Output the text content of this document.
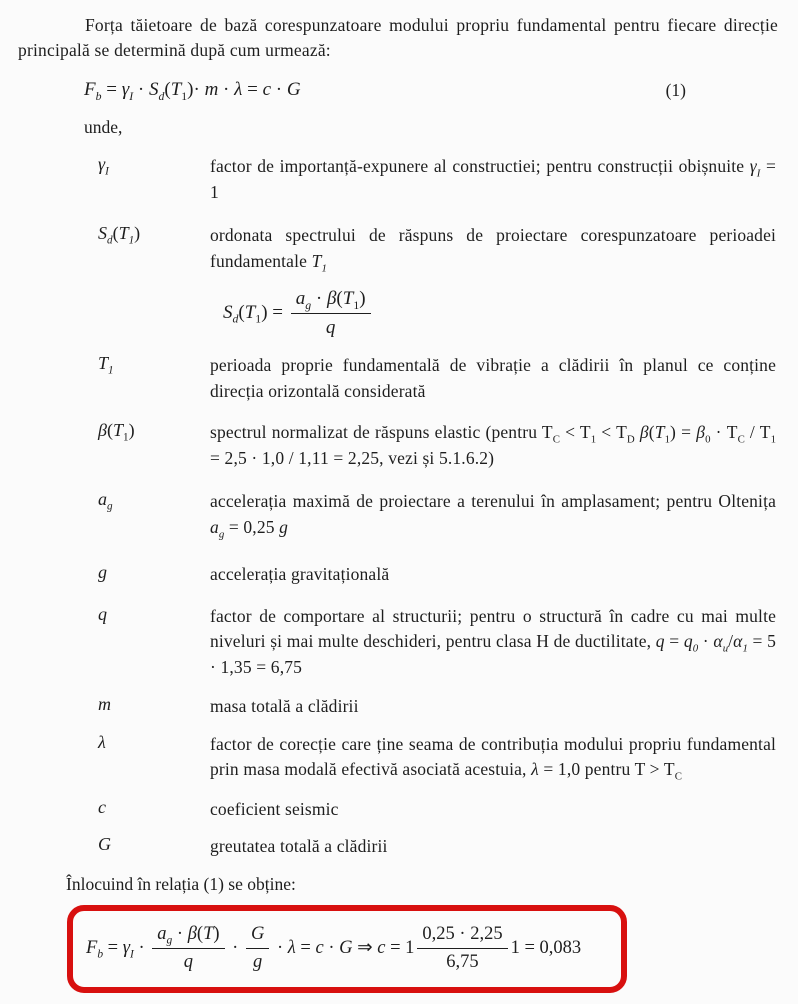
Forța tăietoare de bază corespunzatoare modului propriu fundamental pentru fiecare direcție principală se determină după cum urmează:

$F_b = \gamma_I \cdot S_d(T_1)\cdot m \cdot \lambda = c \cdot G$	(1)

unde,

$\gamma_I$	factor de importanță-expunere al constructiei; pentru construcții obișnuite $\gamma_I = 1$
$S_d(T_1)$	ordonata spectrului de răspuns de proiectare corespunzatoare perioadei fundamentale $T_1$
$S_d(T_1) = \frac{a_g \cdot \beta(T_1)}{q}$
$T_1$	perioada proprie fundamentală de vibrație a clădirii în planul ce conține direcția orizontală considerată
$\beta(T_1)$	spectrul normalizat de răspuns elastic (pentru $T_C < T_1 < T_D$ $\beta(T_1) = \beta_0 \cdot T_C / T_1 = 2,5 \cdot 1,0 / 1,11 = 2,25$, vezi și 5.1.6.2)
$a_g$	accelerația maximă de proiectare a terenului în amplasament; pentru Oltenița $a_g = 0,25$ g
g	accelerația gravitațională
q	factor de comportare al structurii; pentru o structură în cadre cu mai multe niveluri și mai multe deschideri, pentru clasa H de ductilitate, $q = q_0 \cdot \alpha_u/\alpha_1 = 5 \cdot 1,35 = 6,75$
m	masa totală a clădirii
λ	factor de corecție care ține seama de contribuția modului propriu fundamental prin masa modală efectivă asociată acestuia, λ = 1,0 pentru $T > T_C$
c	coeficient seismic
G	greutatea totală a clădirii

Înlocuind în relația (1) se obține:

$F_b = \gamma_I \cdot \frac{a_g \cdot \beta(T)}{q} \cdot \frac{G}{g} \cdot \lambda = c \cdot G$ ⇒ $c = 1 \frac{0,25 \cdot 2,25}{6,75} 1 = 0,083$
